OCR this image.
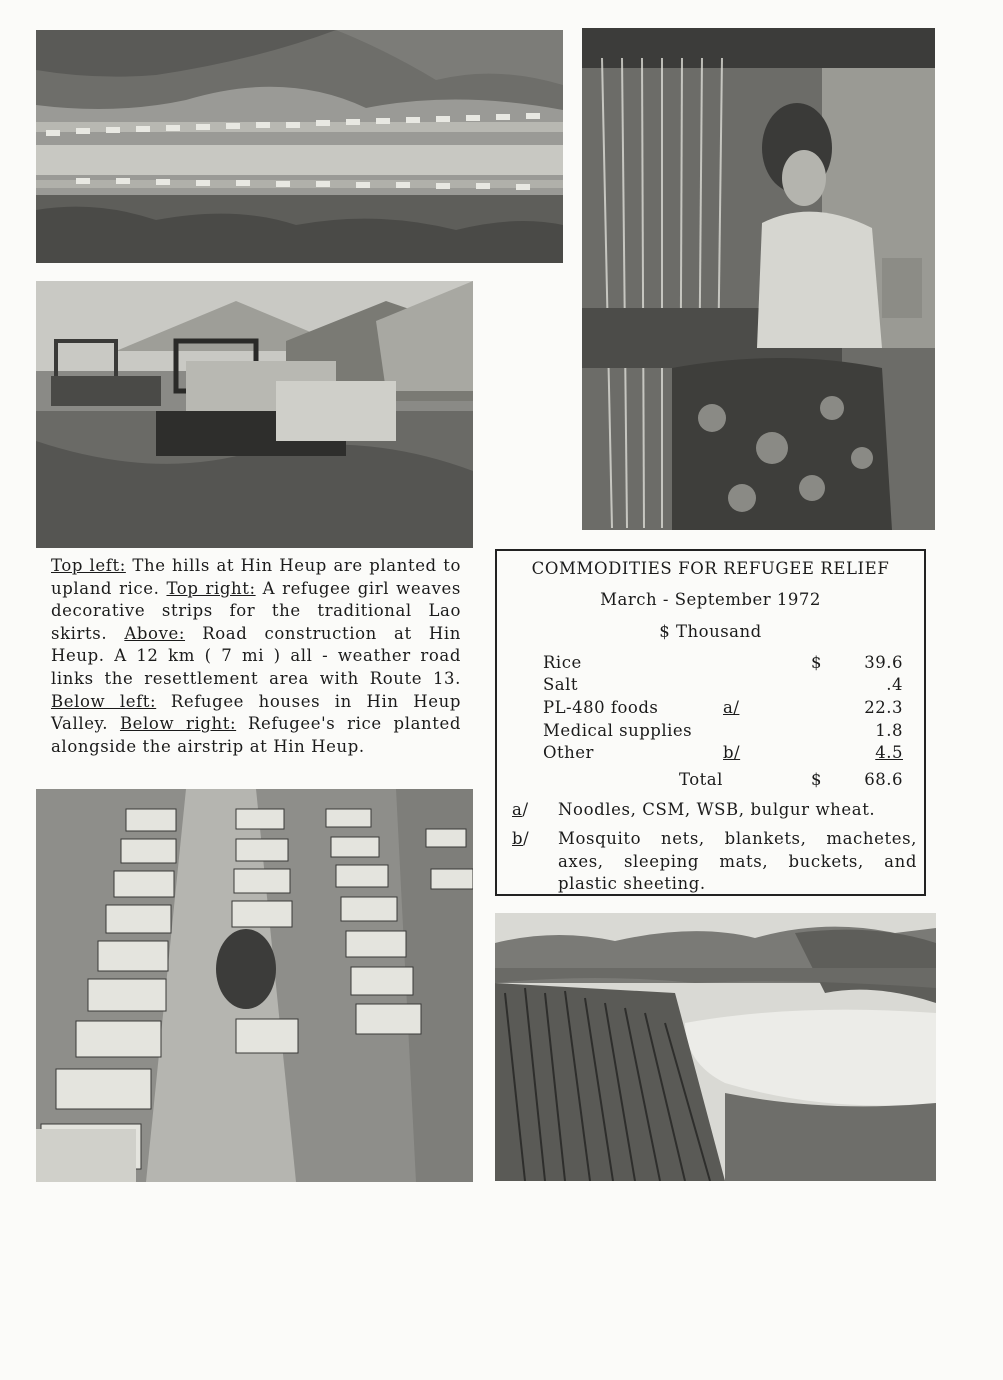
Top left: The hills at Hin Heup are planted to upland rice. Top right: A refugee girl weaves decorative strips for the traditional Lao skirts. Above: Road construction at Hin Heup. A 12 km ( 7 mi ) all - weather road links the resettlement area with Route 13. Below left: Refugee houses in Hin Heup Valley. Below right: Refugee's rice planted alongside the airstrip at Hin Heup.
COMMODITIES FOR REFUGEE RELIEF
March - September 1972
$ Thousand
Rice	$	39.6
Salt	.4
PL-480 foods	a/	22.3
Medical supplies	1.8
Other	b/	4.5
Total	$	68.6
a/ Noodles, CSM, WSB, bulgur wheat.
b/ Mosquito nets, blankets, machetes, axes, sleeping mats, buckets, and plastic sheeting.
